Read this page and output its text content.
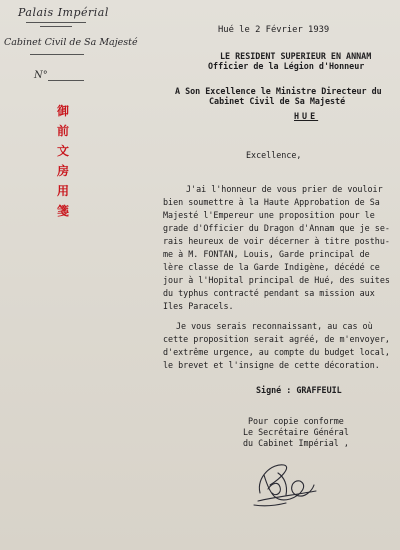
Palais Impérial
Cabinet Civil de Sa Majesté
N°
御
前
文
房
用
箋
Hué le 2 Février 1939
LE RESIDENT SUPERIEUR EN ANNAM
Officier de la Légion d'Honneur
A Son Excellence le Ministre Directeur du
Cabinet Civil de Sa Majesté
HUE
Excellence,
J'ai l'honneur de vous prier de vouloir
bien soumettre à la Haute Approbation de Sa
Majesté l'Empereur une proposition pour le
grade d'Officier du Dragon d'Annam que je se-
rais heureux de voir décerner à titre posthu-
me à M. FONTAN, Louis, Garde principal de
lère classe de la Garde Indigène, décédé ce
jour à l'Hopital principal de Hué, des suites
du typhus contracté pendant sa mission aux
Iles Paracels.
Je vous serais reconnaissant, au cas où
cette proposition serait agréé, de m'envoyer,
d'extrême urgence, au compte du budget local,
le brevet et l'insigne de cette décoration.
Signé : GRAFFEUIL
Pour copie conforme
Le Secrétaire Général
du Cabinet Impérial ,
